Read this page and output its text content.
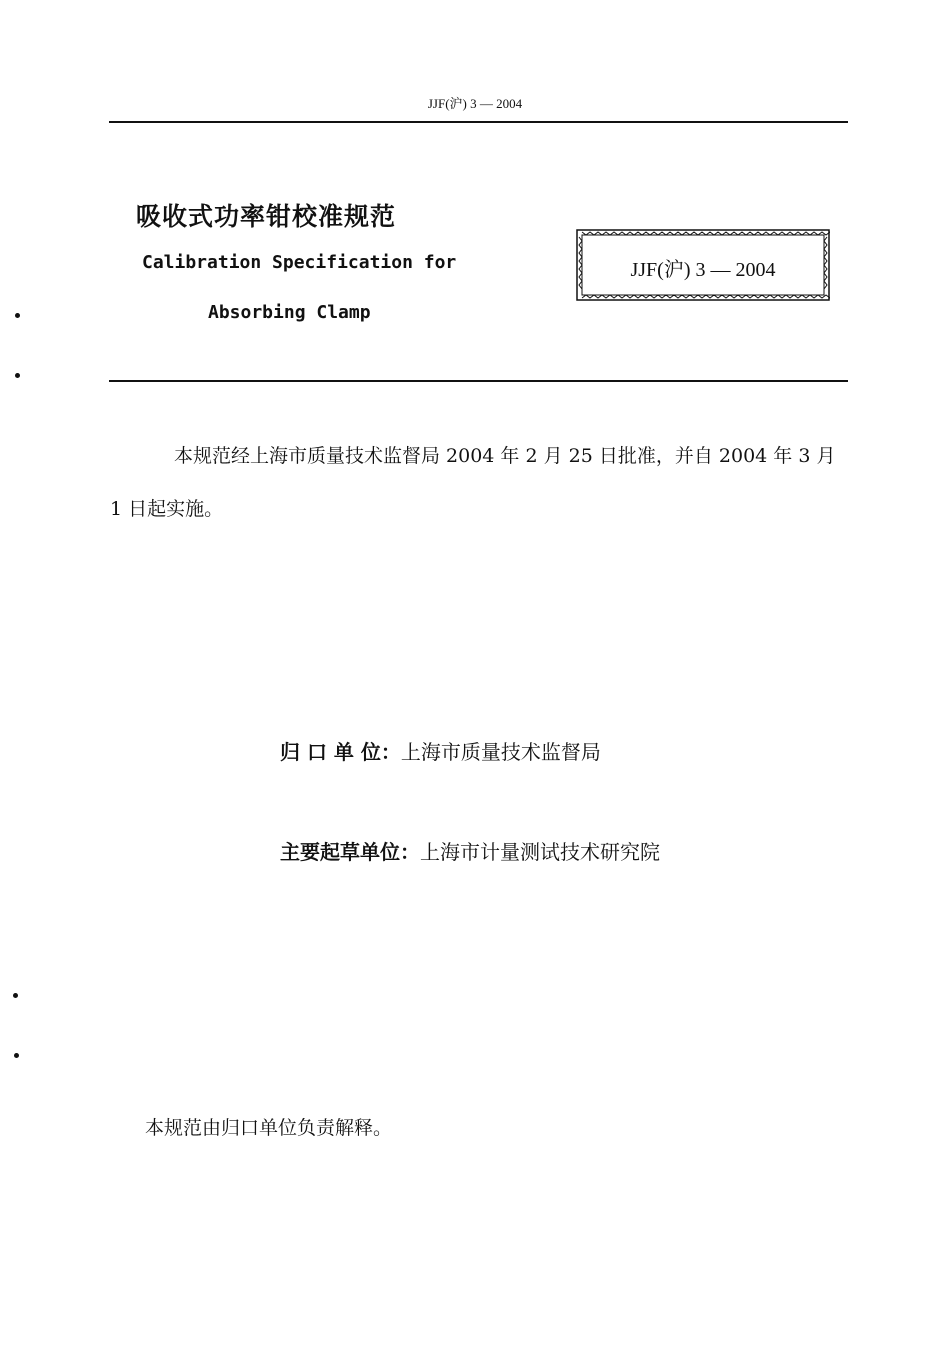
JJF(沪) 3 — 2004
吸收式功率钳校准规范
Calibration Specification for
Absorbing Clamp
JJF(沪) 3 — 2004
本规范经上海市质量技术监督局 2004 年 2 月 25 日批准，并自 2004 年 3 月 1 日起实施。
归 口 单 位：上海市质量技术监督局
主要起草单位：上海市计量测试技术研究院
本规范由归口单位负责解释。
